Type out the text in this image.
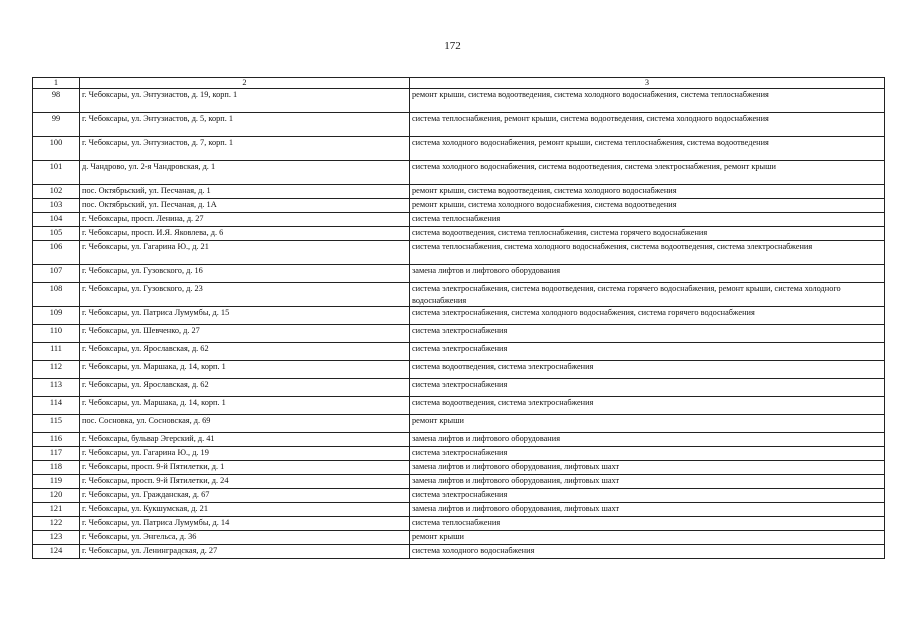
172
1	2	3
98	г. Чебоксары, ул. Энтузиастов, д. 19, корп. 1	ремонт крыши, система водоотведения, система холодного водоснабжения, система теплоснабжения
99	г. Чебоксары, ул. Энтузиастов, д. 5, корп. 1	система теплоснабжения, ремонт крыши, система водоотведения, система холодного водоснабжения
100	г. Чебоксары, ул. Энтузиастов, д. 7, корп. 1	система холодного водоснабжения, ремонт крыши, система теплоснабжения, система водоотведения
101	д. Чандрово, ул. 2-я Чандровская, д. 1	система холодного водоснабжения, система водоотведения, система электроснабжения, ремонт крыши
102	пос. Октябрьский, ул. Песчаная, д. 1	ремонт крыши, система водоотведения, система холодного водоснабжения
103	пос. Октябрьский, ул. Песчаная, д. 1А	ремонт крыши, система холодного водоснабжения, система водоотведения
104	г. Чебоксары, просп. Ленина, д. 27	система теплоснабжения
105	г. Чебоксары, просп. И.Я. Яковлева, д. 6	система водоотведения, система теплоснабжения, система горячего водоснабжения
106	г. Чебоксары, ул. Гагарина Ю., д. 21	система теплоснабжения, система холодного водоснабжения, система водоотведения, система электроснабжения
107	г. Чебоксары, ул. Гузовского, д. 16	замена лифтов и лифтового оборудования
108	г. Чебоксары, ул. Гузовского, д. 23	система электроснабжения, система водоотведения, система горячего водоснабжения, ремонт крыши, система холодного водоснабжения
109	г. Чебоксары, ул. Патриса Лумумбы, д. 15	система электроснабжения, система холодного водоснабжения, система горячего водоснабжения
110	г. Чебоксары, ул. Шевченко, д. 27	система электроснабжения
111	г. Чебоксары, ул. Ярославская, д. 62	система электроснабжения
112	г. Чебоксары, ул. Маршака, д. 14, корп. 1	система водоотведения, система электроснабжения
113	г. Чебоксары, ул. Ярославская, д. 62	система электроснабжения
114	г. Чебоксары, ул. Маршака, д. 14, корп. 1	система водоотведения, система электроснабжения
115	пос. Сосновка, ул. Сосновская, д. 69	ремонт крыши
116	г. Чебоксары, бульвар Эгерский, д. 41	замена лифтов и лифтового оборудования
117	г. Чебоксары, ул. Гагарина Ю., д. 19	система электроснабжения
118	г. Чебоксары, просп. 9-й Пятилетки, д. 1	замена лифтов и лифтового оборудования, лифтовых шахт
119	г. Чебоксары, просп. 9-й Пятилетки, д. 24	замена лифтов и лифтового оборудования, лифтовых шахт
120	г. Чебоксары, ул. Гражданская, д. 67	система электроснабжения
121	г. Чебоксары, ул. Кукшумская, д. 21	замена лифтов и лифтового оборудования, лифтовых шахт
122	г. Чебоксары, ул. Патриса Лумумбы, д. 14	система теплоснабжения
123	г. Чебоксары, ул. Энгельса, д. 36	ремонт крыши
124	г. Чебоксары, ул. Ленинградская, д. 27	система холодного водоснабжения
